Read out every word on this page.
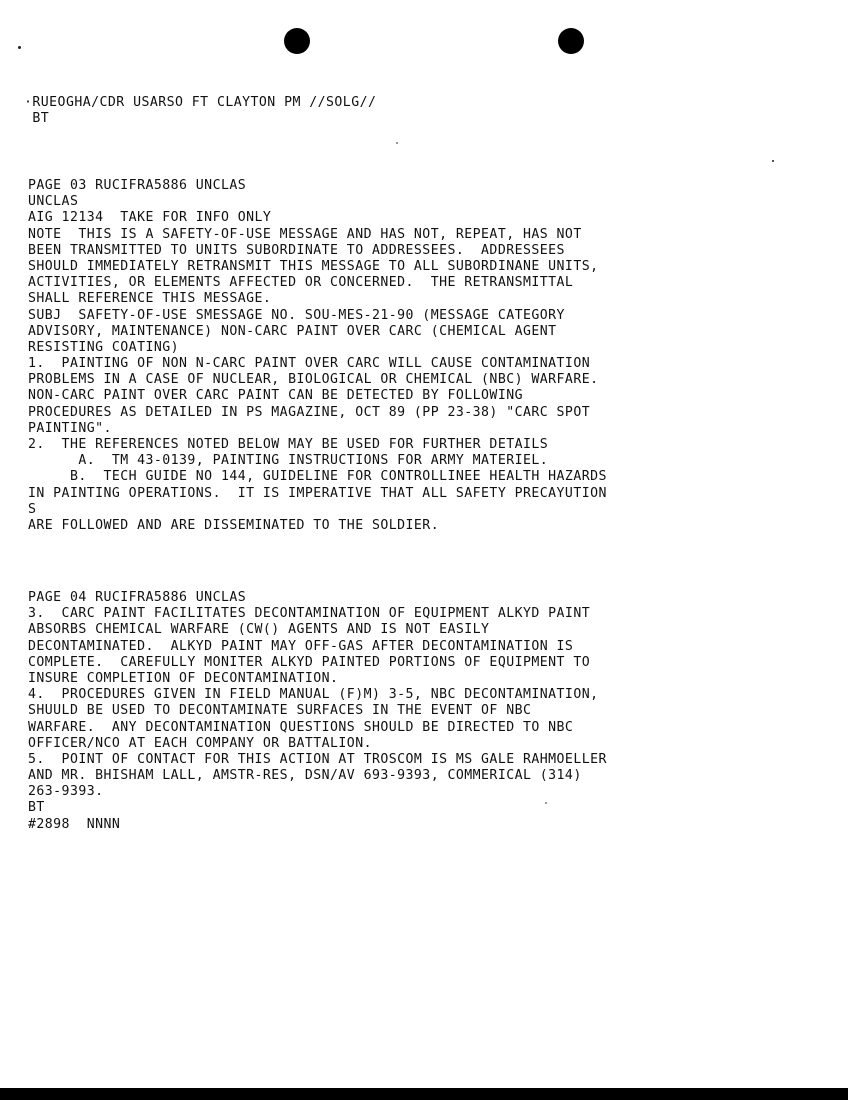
·RUEOGHA/CDR USARSO FT CLAYTON PM //SOLG//
BT
PAGE 03 RUCIFRA5886 UNCLAS
UNCLAS
AIG 12134  TAKE FOR INFO ONLY
NOTE  THIS IS A SAFETY-OF-USE MESSAGE AND HAS NOT, REPEAT, HAS NOT
BEEN TRANSMITTED TO UNITS SUBORDINATE TO ADDRESSEES.  ADDRESSEES
SHOULD IMMEDIATELY RETRANSMIT THIS MESSAGE TO ALL SUBORDINANE UNITS,
ACTIVITIES, OR ELEMENTS AFFECTED OR CONCERNED.  THE RETRANSMITTAL
SHALL REFERENCE THIS MESSAGE.
SUBJ  SAFETY-OF-USE SMESSAGE NO. SOU-MES-21-90 (MESSAGE CATEGORY
ADVISORY, MAINTENANCE) NON-CARC PAINT OVER CARC (CHEMICAL AGENT
RESISTING COATING)
1.  PAINTING OF NON N-CARC PAINT OVER CARC WILL CAUSE CONTAMINATION
PROBLEMS IN A CASE OF NUCLEAR, BIOLOGICAL OR CHEMICAL (NBC) WARFARE.
NON-CARC PAINT OVER CARC PAINT CAN BE DETECTED BY FOLLOWING
PROCEDURES AS DETAILED IN PS MAGAZINE, OCT 89 (PP 23-38) "CARC SPOT
PAINTING".
2.  THE REFERENCES NOTED BELOW MAY BE USED FOR FURTHER DETAILS
A.  TM 43-0139, PAINTING INSTRUCTIONS FOR ARMY MATERIEL.
B.  TECH GUIDE NO 144, GUIDELINE FOR CONTROLLINEE HEALTH HAZARDS
IN PAINTING OPERATIONS.  IT IS IMPERATIVE THAT ALL SAFETY PRECAYUTION
S
ARE FOLLOWED AND ARE DISSEMINATED TO THE SOLDIER.
PAGE 04 RUCIFRA5886 UNCLAS
3.  CARC PAINT FACILITATES DECONTAMINATION OF EQUIPMENT ALKYD PAINT
ABSORBS CHEMICAL WARFARE (CW() AGENTS AND IS NOT EASILY
DECONTAMINATED.  ALKYD PAINT MAY OFF-GAS AFTER DECONTAMINATION IS
COMPLETE.  CAREFULLY MONITER ALKYD PAINTED PORTIONS OF EQUIPMENT TO
INSURE COMPLETION OF DECONTAMINATION.
4.  PROCEDURES GIVEN IN FIELD MANUAL (F)M) 3-5, NBC DECONTAMINATION,
SHUULD BE USED TO DECONTAMINATE SURFACES IN THE EVENT OF NBC
WARFARE.  ANY DECONTAMINATION QUESTIONS SHOULD BE DIRECTED TO NBC
OFFICER/NCO AT EACH COMPANY OR BATTALION.
5.  POINT OF CONTACT FOR THIS ACTION AT TROSCOM IS MS GALE RAHMOELLER
AND MR. BHISHAM LALL, AMSTR-RES, DSN/AV 693-9393, COMMERICAL (314)
263-9393.
BT
#2898  NNNN
